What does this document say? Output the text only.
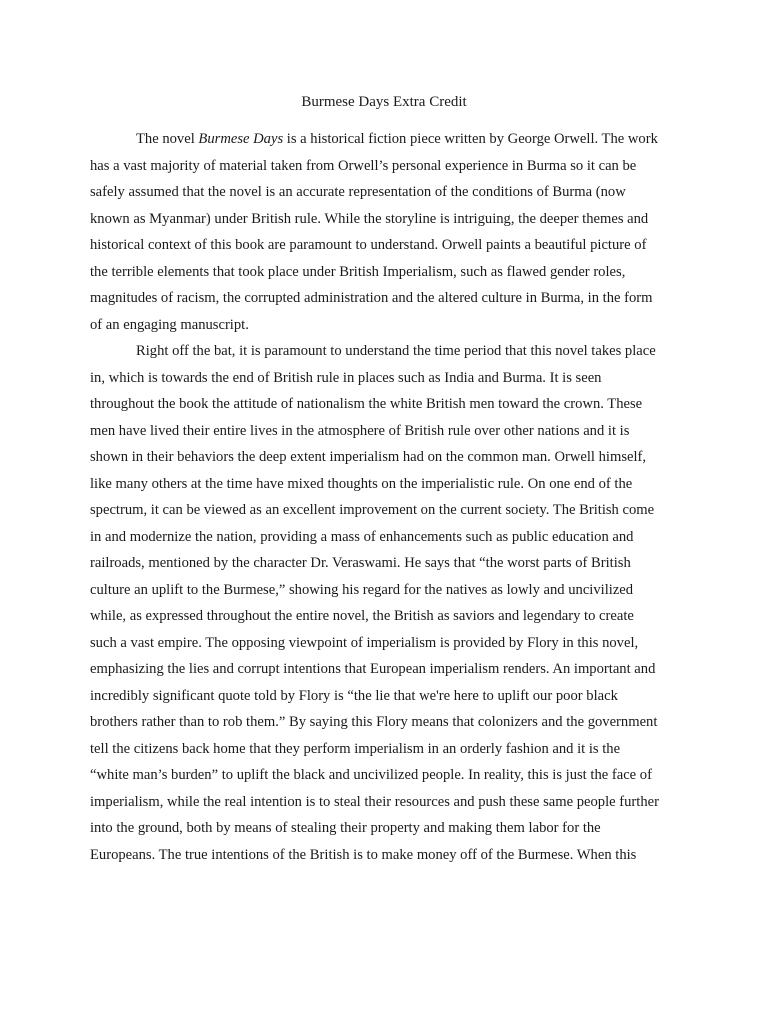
Burmese Days Extra Credit
The novel Burmese Days is a historical fiction piece written by George Orwell. The work
has a vast majority of material taken from Orwell’s personal experience in Burma so it can be
safely assumed that the novel is an accurate representation of the conditions of Burma (now
known as Myanmar) under British rule. While the storyline is intriguing, the deeper themes and
historical context of this book are paramount to understand. Orwell paints a beautiful picture of
the terrible elements that took place under British Imperialism, such as flawed gender roles,
magnitudes of racism, the corrupted administration and the altered culture in Burma, in the form
of an engaging manuscript.
Right off the bat, it is paramount to understand the time period that this novel takes place
in, which is towards the end of British rule in places such as India and Burma. It is seen
throughout the book the attitude of nationalism the white British men toward the crown. These
men have lived their entire lives in the atmosphere of British rule over other nations and it is
shown in their behaviors the deep extent imperialism had on the common man. Orwell himself,
like many others at the time have mixed thoughts on the imperialistic rule. On one end of the
spectrum, it can be viewed as an excellent improvement on the current society. The British come
in and modernize the nation, providing a mass of enhancements such as public education and
railroads, mentioned by the character Dr. Veraswami. He says that “the worst parts of British
culture an uplift to the Burmese,” showing his regard for the natives as lowly and uncivilized
while, as expressed throughout the entire novel, the British as saviors and legendary to create
such a vast empire. The opposing viewpoint of imperialism is provided by Flory in this novel,
emphasizing the lies and corrupt intentions that European imperialism renders. An important and
incredibly significant quote told by Flory is “the lie that we're here to uplift our poor black
brothers rather than to rob them.” By saying this Flory means that colonizers and the government
tell the citizens back home that they perform imperialism in an orderly fashion and it is the
“white man’s burden” to uplift the black and uncivilized people. In reality, this is just the face of
imperialism, while the real intention is to steal their resources and push these same people further
into the ground, both by means of stealing their property and making them labor for the
Europeans. The true intentions of the British is to make money off of the Burmese. When this
